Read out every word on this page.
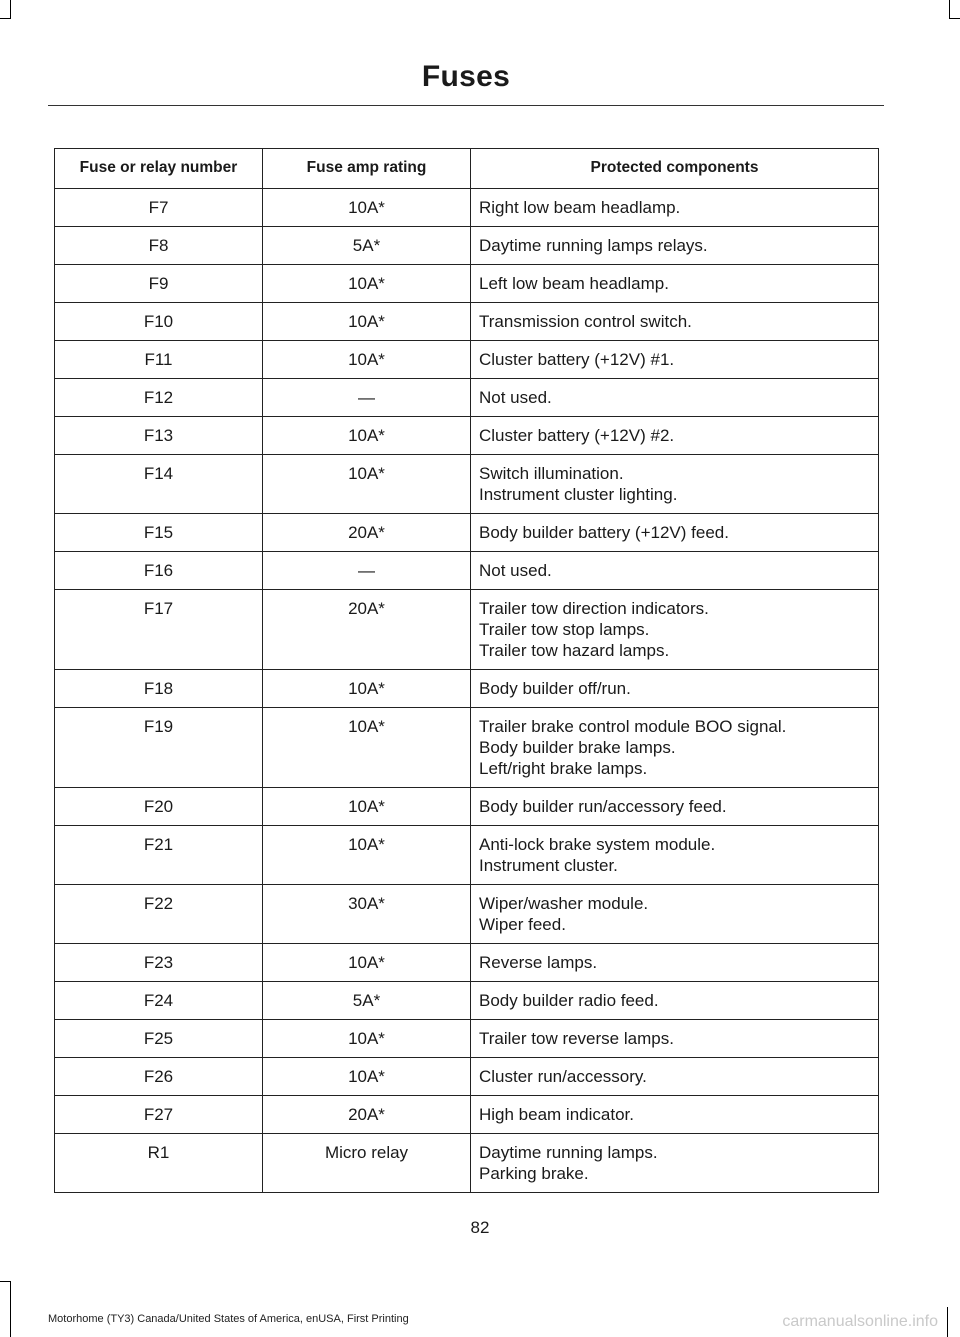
Fuses
Fuse or relay number	Fuse amp rating	Protected components
F7	10A*	Right low beam headlamp.

F8	5A*	Daytime running lamps relays.

F9	10A*	Left low beam headlamp.

F10	10A*	Transmission control switch.

F11	10A*	Cluster battery (+12V) #1.

F12	—	Not used.

F13	10A*	Cluster battery (+12V) #2.

F14	10A*	Switch illumination.
Instrument cluster lighting.

F15	20A*	Body builder battery (+12V) feed.

F16	—	Not used.

F17	20A*	Trailer tow direction indicators.
Trailer tow stop lamps.
Trailer tow hazard lamps.

F18	10A*	Body builder off/run.

F19	10A*	Trailer brake control module BOO signal.
Body builder brake lamps.
Left/right brake lamps.

F20	10A*	Body builder run/accessory feed.

F21	10A*	Anti-lock brake system module.
Instrument cluster.

F22	30A*	Wiper/washer module.
Wiper feed.

F23	10A*	Reverse lamps.

F24	5A*	Body builder radio feed.

F25	10A*	Trailer tow reverse lamps.

F26	10A*	Cluster run/accessory.

F27	20A*	High beam indicator.

R1	Micro relay	Daytime running lamps.
Parking brake.
82
Motorhome (TY3) Canada/United States of America, enUSA, First Printing	carmanualsonline.info
